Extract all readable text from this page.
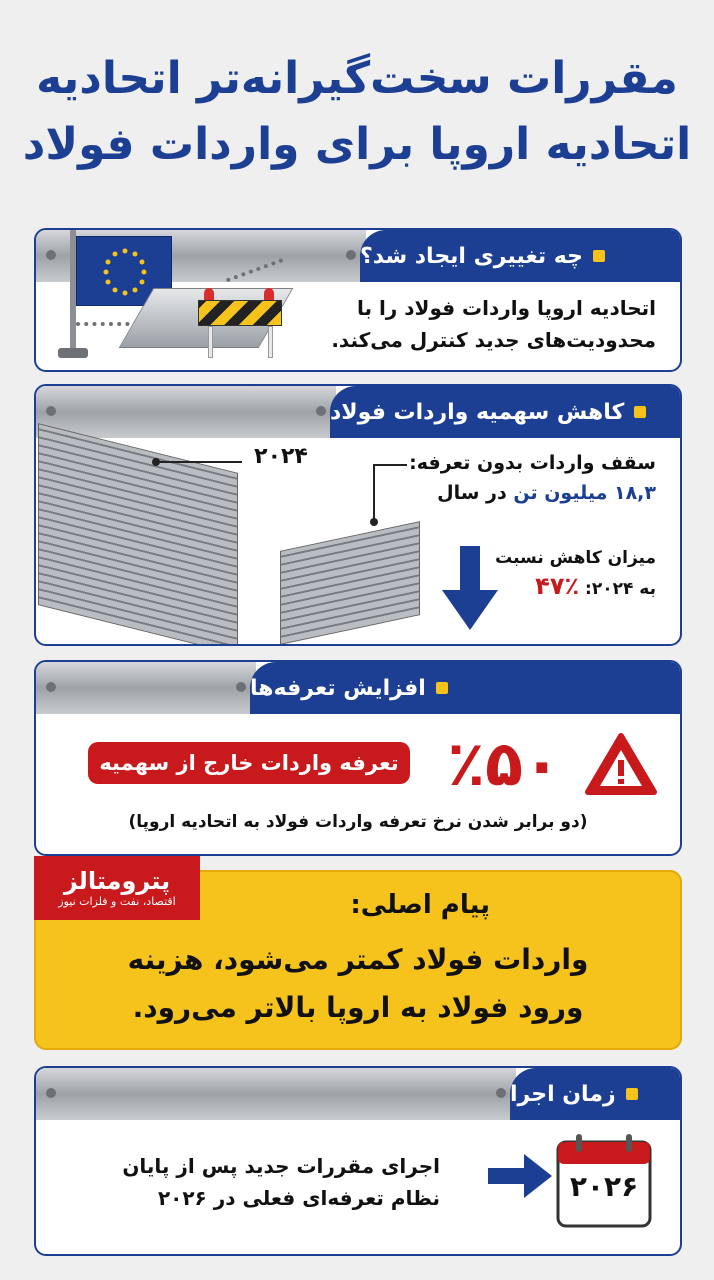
مقررات سخت‌گیرانه‌تر اتحادیه
اتحادیه اروپا برای واردات فولاد
چه تغییری ایجاد شد؟
اتحادیه اروپا واردات فولاد را با
محدودیت‌های جدید کنترل می‌کند.
کاهش سهمیه واردات فولاد
۲۰۲۴	سقف واردات بدون تعرفه:
۱۸,۳ میلیون تن در سال
میزان کاهش نسبت
به ۲۰۲۴: ٪۴۷
افزایش تعرفه‌ها
٪۵۰
تعرفه واردات خارج از سهمیه
(دو برابر شدن نرخ تعرفه واردات فولاد به اتحادیه اروپا)
پترومتالز
اقتصاد، نفت و فلزات نیوز	پیام اصلی:
واردات فولاد کمتر می‌شود، هزینه
ورود فولاد به اروپا بالاتر می‌رود.
زمان اجرا
اجرای مقررات جدید پس از پایان
نظام تعرفه‌ای فعلی در ۲۰۲۶	۲۰۲۶
